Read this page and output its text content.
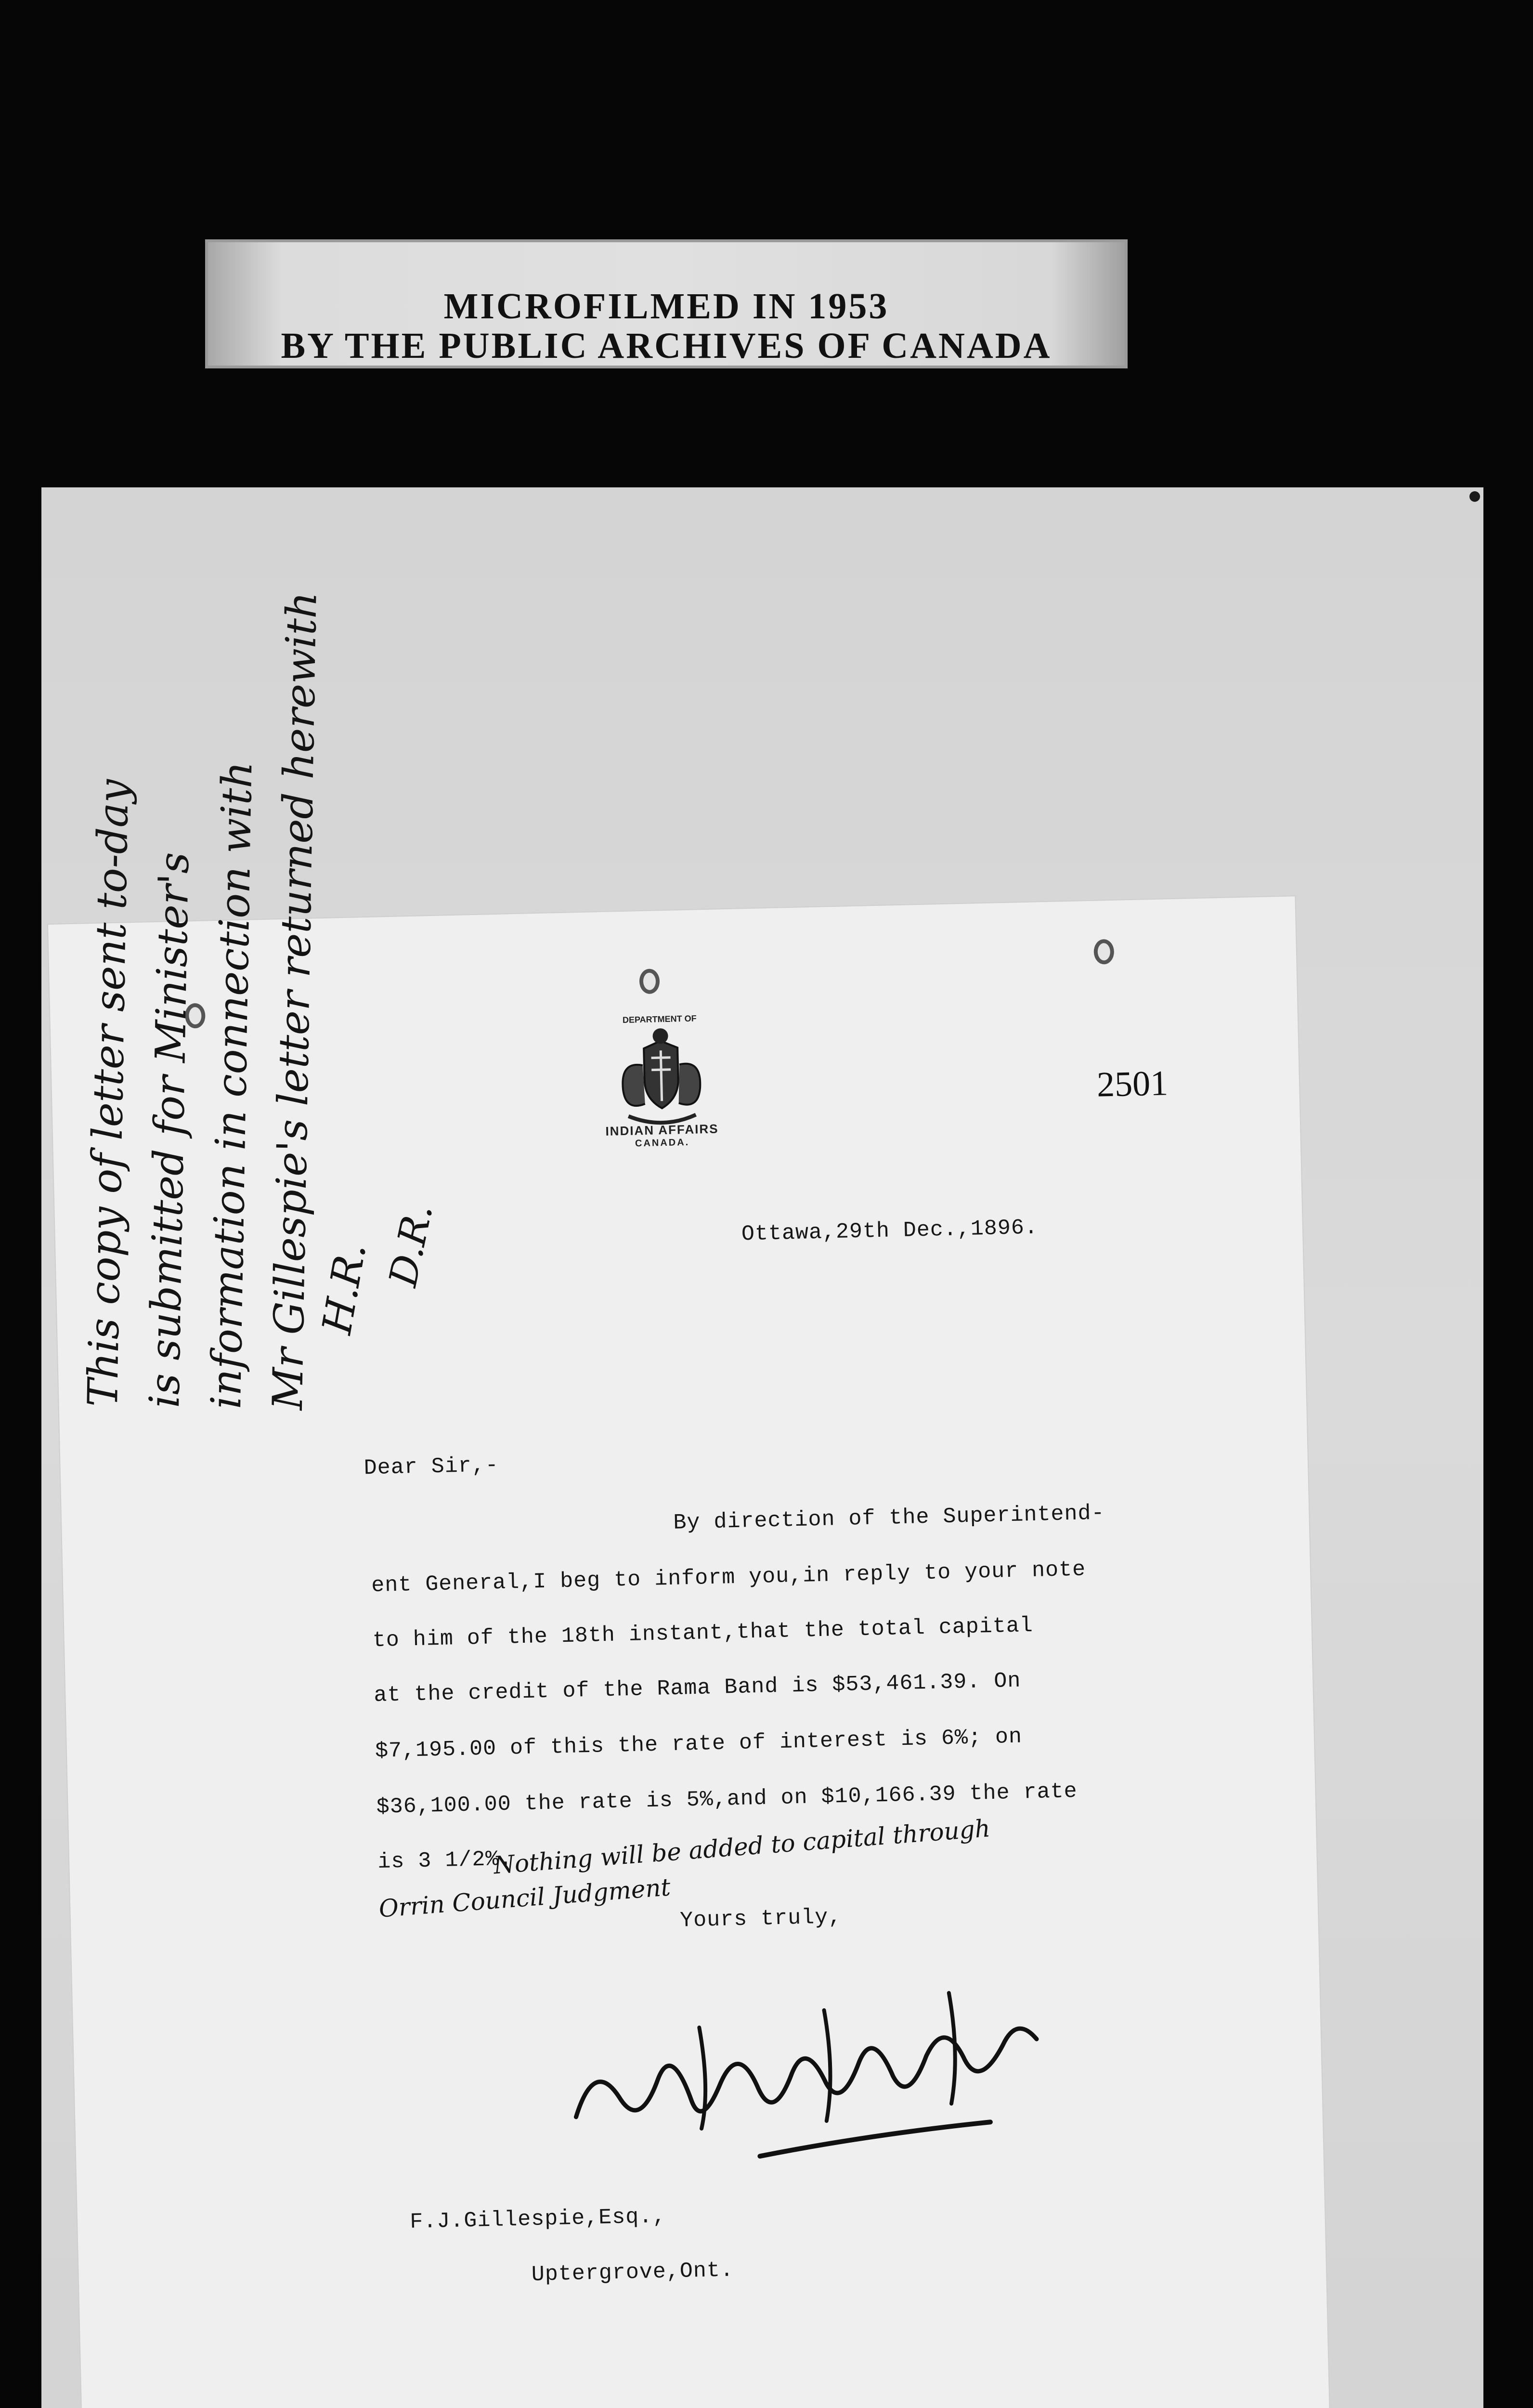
MICROFILMED IN 1953
BY THE PUBLIC ARCHIVES OF CANADA
DEPARTMENT OF
INDIAN AFFAIRS
CANADA.
2501
Ottawa,29th Dec.,1896.
Dear Sir,-
By direction of the Superintend-
ent General,I beg to inform you,in reply to your note
to him of the 18th instant,that the total capital
at the credit of the Rama Band is $53,461.39. On
$7,195.00 of this the rate of interest is 6%; on
$36,100.00 the rate is 5%,and on $10,166.39 the rate
is 3 1/2%.
Nothing will be added to capital through
Orrin Council Judgment Yours truly,
F.J.Gillespie,Esq.,
Uptergrove,Ont.
This copy of letter sent to-day is submitted for Minister's information in connection with Mr Gillespie's letter returned herewith
H.R. D.R.
